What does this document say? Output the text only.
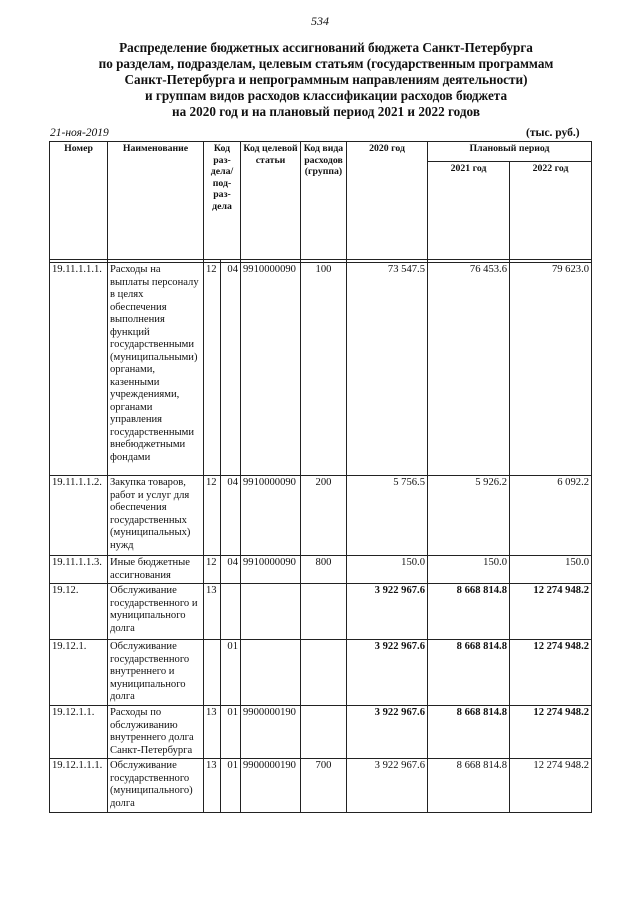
534
Распределение бюджетных ассигнований бюджета Санкт-Петербурга
по разделам, подразделам, целевым статьям (государственным программам
Санкт-Петербурга и непрограммным направлениям деятельности)
и группам видов расходов классификации расходов бюджета
на 2020 год и на плановый период 2021 и 2022 годов
21-ноя-2019	(тыс. руб.)
Номер	Наименование	Код раз-дела/ под-раз-дела		Код целевой статьи	Код вида расходов (группа)	2020 год	Плановый период	
							2021 год	2022 год

19.11.1.1.1.	Расходы на выплаты персоналу в целях обеспечения выполнения функций государственными (муниципальными) органами, казенными учреждениями, органами управления государственными внебюджетными фондами	12	04	9910000090	100	73 547.5	76 453.6	79 623.0
19.11.1.1.2.	Закупка товаров, работ и услуг для обеспечения государственных (муниципальных) нужд	12	04	9910000090	200	5 756.5	5 926.2	6 092.2
19.11.1.1.3.	Иные бюджетные ассигнования	12	04	9910000090	800	150.0	150.0	150.0
19.12.	Обслуживание государственного и муниципального долга	13				3 922 967.6	8 668 814.8	12 274 948.2
19.12.1.	Обслуживание государственного внутреннего и муниципального долга		01			3 922 967.6	8 668 814.8	12 274 948.2
19.12.1.1.	Расходы по обслуживанию внутреннего долга Санкт-Петербурга	13	01	9900000190		3 922 967.6	8 668 814.8	12 274 948.2
19.12.1.1.1.	Обслуживание государственного (муниципального) долга	13	01	9900000190	700	3 922 967.6	8 668 814.8	12 274 948.2
